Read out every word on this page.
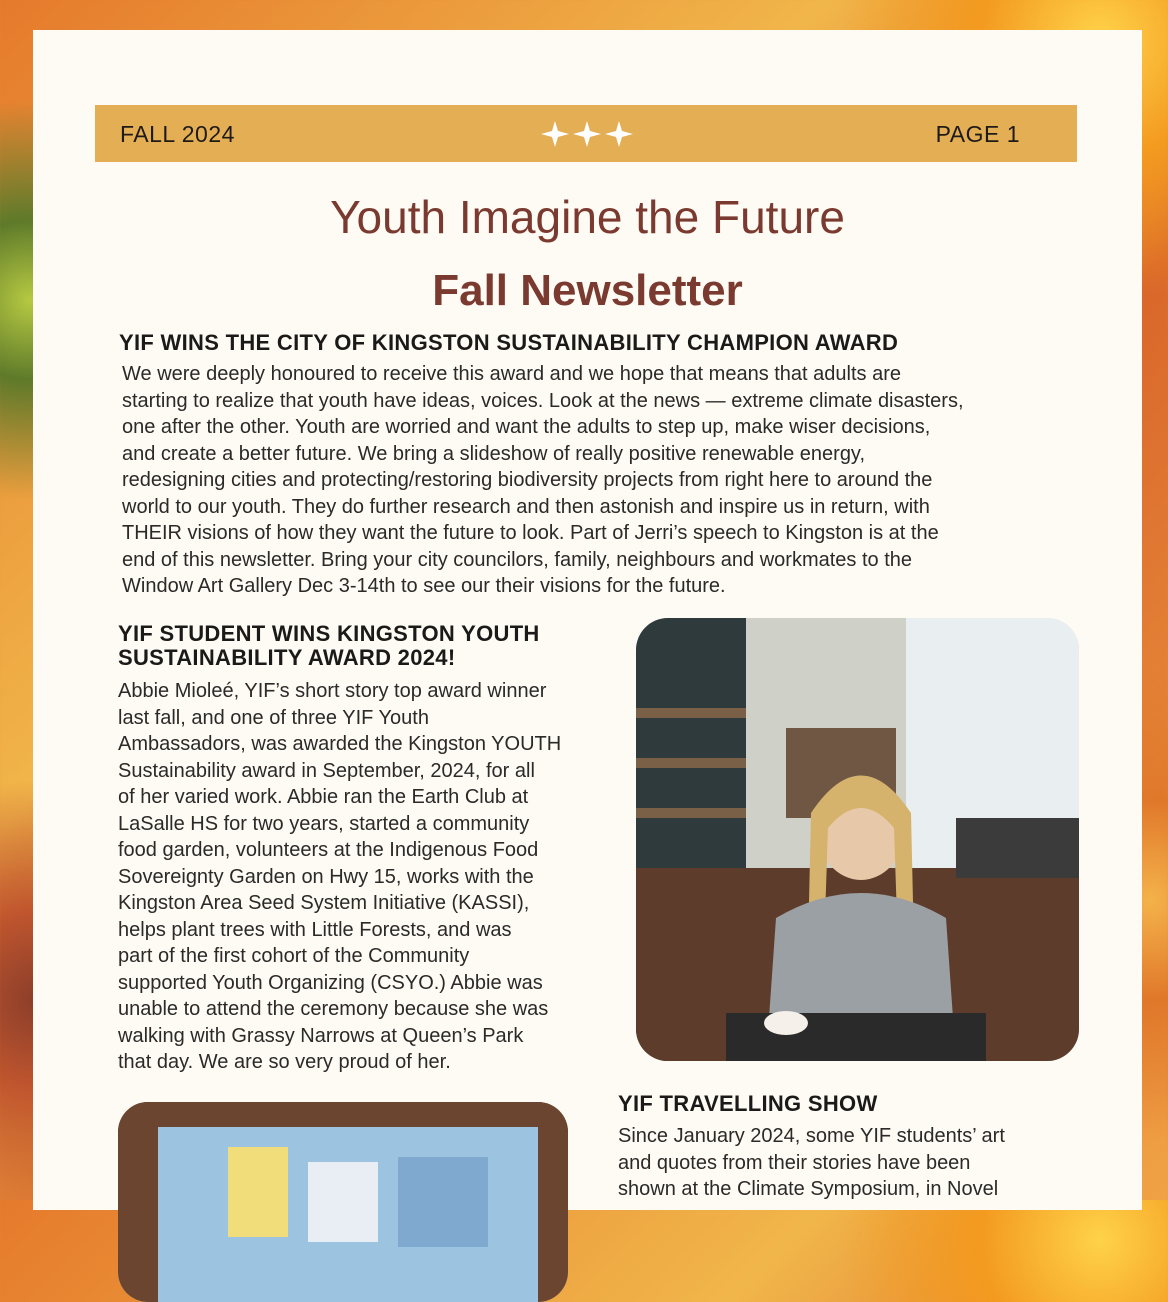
FALL 2024	PAGE 1
Youth Imagine the Future
Fall Newsletter
YIF WINS THE CITY OF KINGSTON SUSTAINABILITY CHAMPION AWARD
We were deeply honoured to receive this award and we hope that means that adults are
starting to realize that youth have ideas, voices. Look at the news — extreme climate disasters,
one after the other. Youth are worried and want the adults to step up, make wiser decisions,
and create a better future. We bring a slideshow of really positive renewable energy,
redesigning cities and protecting/restoring biodiversity projects from right here to around the
world to our youth. They do further research and then astonish and inspire us in return, with
THEIR visions of how they want the future to look. Part of Jerri’s speech to Kingston is at the
end of this newsletter. Bring your city councilors, family, neighbours and workmates to the
Window Art Gallery Dec 3-14th to see our their visions for the future.
YIF STUDENT WINS KINGSTON YOUTH
SUSTAINABILITY AWARD 2024!
Abbie Mioleé, YIF’s short story top award winner
last fall, and one of three YIF Youth
Ambassadors, was awarded the Kingston YOUTH
Sustainability award in September, 2024, for all
of her varied work. Abbie ran the Earth Club at
LaSalle HS for two years, started a community
food garden, volunteers at the Indigenous Food
Sovereignty Garden on Hwy 15, works with the
Kingston Area Seed System Initiative (KASSI),
helps plant trees with Little Forests, and was
part of the first cohort of the Community
supported Youth Organizing (CSYO.) Abbie was
unable to attend the ceremony because she was
walking with Grassy Narrows at Queen’s Park
that day. We are so very proud of her.
YIF TRAVELLING SHOW
Since January 2024, some YIF students’ art
and quotes from their stories have been
shown at the Climate Symposium, in Novel
